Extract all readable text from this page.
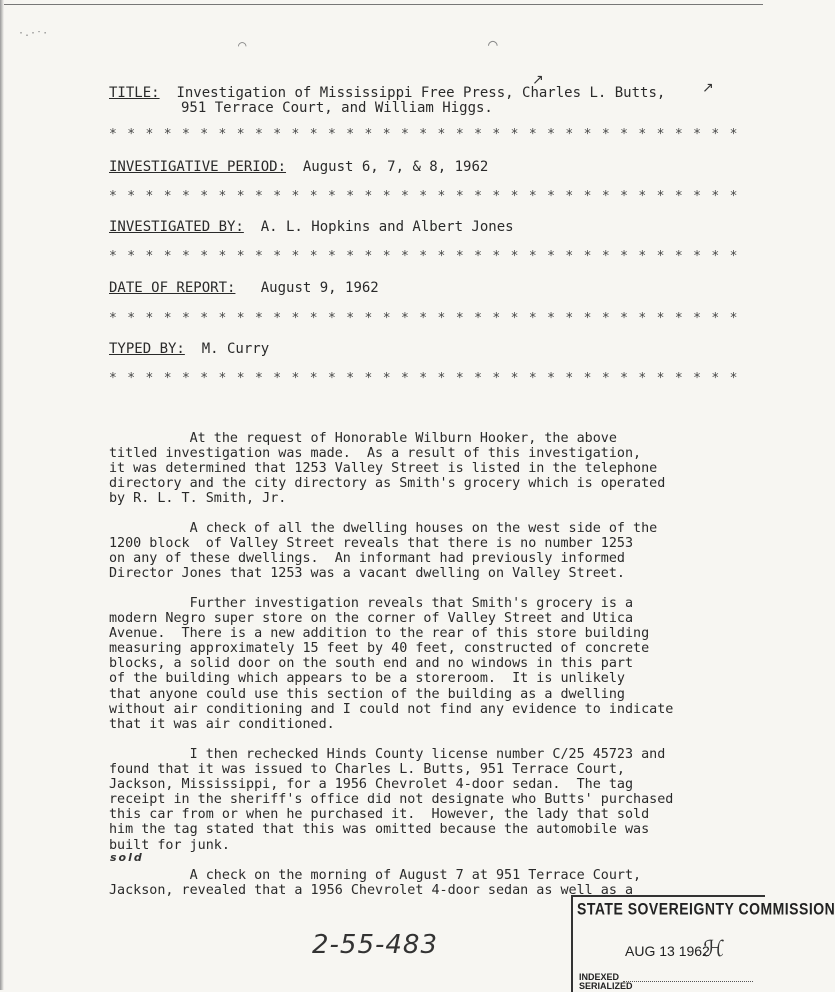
·.·ˑ·
◠	⌒
TITLE: Investigation of Mississippi Free Press, Charles L. Butts,
951 Terrace Court, and William Higgs.
↗
↗
* * * * * * * * * * * * * * * * * * * * * * * * * * * * * * * * * * *
INVESTIGATIVE PERIOD: August 6, 7, & 8, 1962
* * * * * * * * * * * * * * * * * * * * * * * * * * * * * * * * * * *
INVESTIGATED BY: A. L. Hopkins and Albert Jones
* * * * * * * * * * * * * * * * * * * * * * * * * * * * * * * * * * *
DATE OF REPORT: August 9, 1962
* * * * * * * * * * * * * * * * * * * * * * * * * * * * * * * * * * *
TYPED BY: M. Curry
* * * * * * * * * * * * * * * * * * * * * * * * * * * * * * * * * * *
At the request of Honorable Wilburn Hooker, the above
titled investigation was made.  As a result of this investigation,
it was determined that 1253 Valley Street is listed in the telephone
directory and the city directory as Smith's grocery which is operated
by R. L. T. Smith, Jr.
A check of all the dwelling houses on the west side of the
1200 block  of Valley Street reveals that there is no number 1253
on any of these dwellings.  An informant had previously informed
Director Jones that 1253 was a vacant dwelling on Valley Street.
Further investigation reveals that Smith's grocery is a
modern Negro super store on the corner of Valley Street and Utica
Avenue.  There is a new addition to the rear of this store building
measuring approximately 15 feet by 40 feet, constructed of concrete
blocks, a solid door on the south end and no windows in this part
of the building which appears to be a storeroom.  It is unlikely
that anyone could use this section of the building as a dwelling
without air conditioning and I could not find any evidence to indicate
that it was air conditioned.
I then rechecked Hinds County license number C/25 45723 and
found that it was issued to Charles L. Butts, 951 Terrace Court,
Jackson, Mississippi, for a 1956 Chevrolet 4-door sedan.  The tag
receipt in the sheriff's office did not designate who Butts' purchased
this car from or when he purchased it.  However, the lady that sold
him the tag stated that this was omitted because the automobile was
built for junk.
sold
A check on the morning of August 7 at 951 Terrace Court,
Jackson, revealed that a 1956 Chevrolet 4-door sedan as well as a
2-55-483
STATE SOVEREIGNTY COMMISSION
AUG 13 1962
ℋ
INDEXED
SERIALIZED
